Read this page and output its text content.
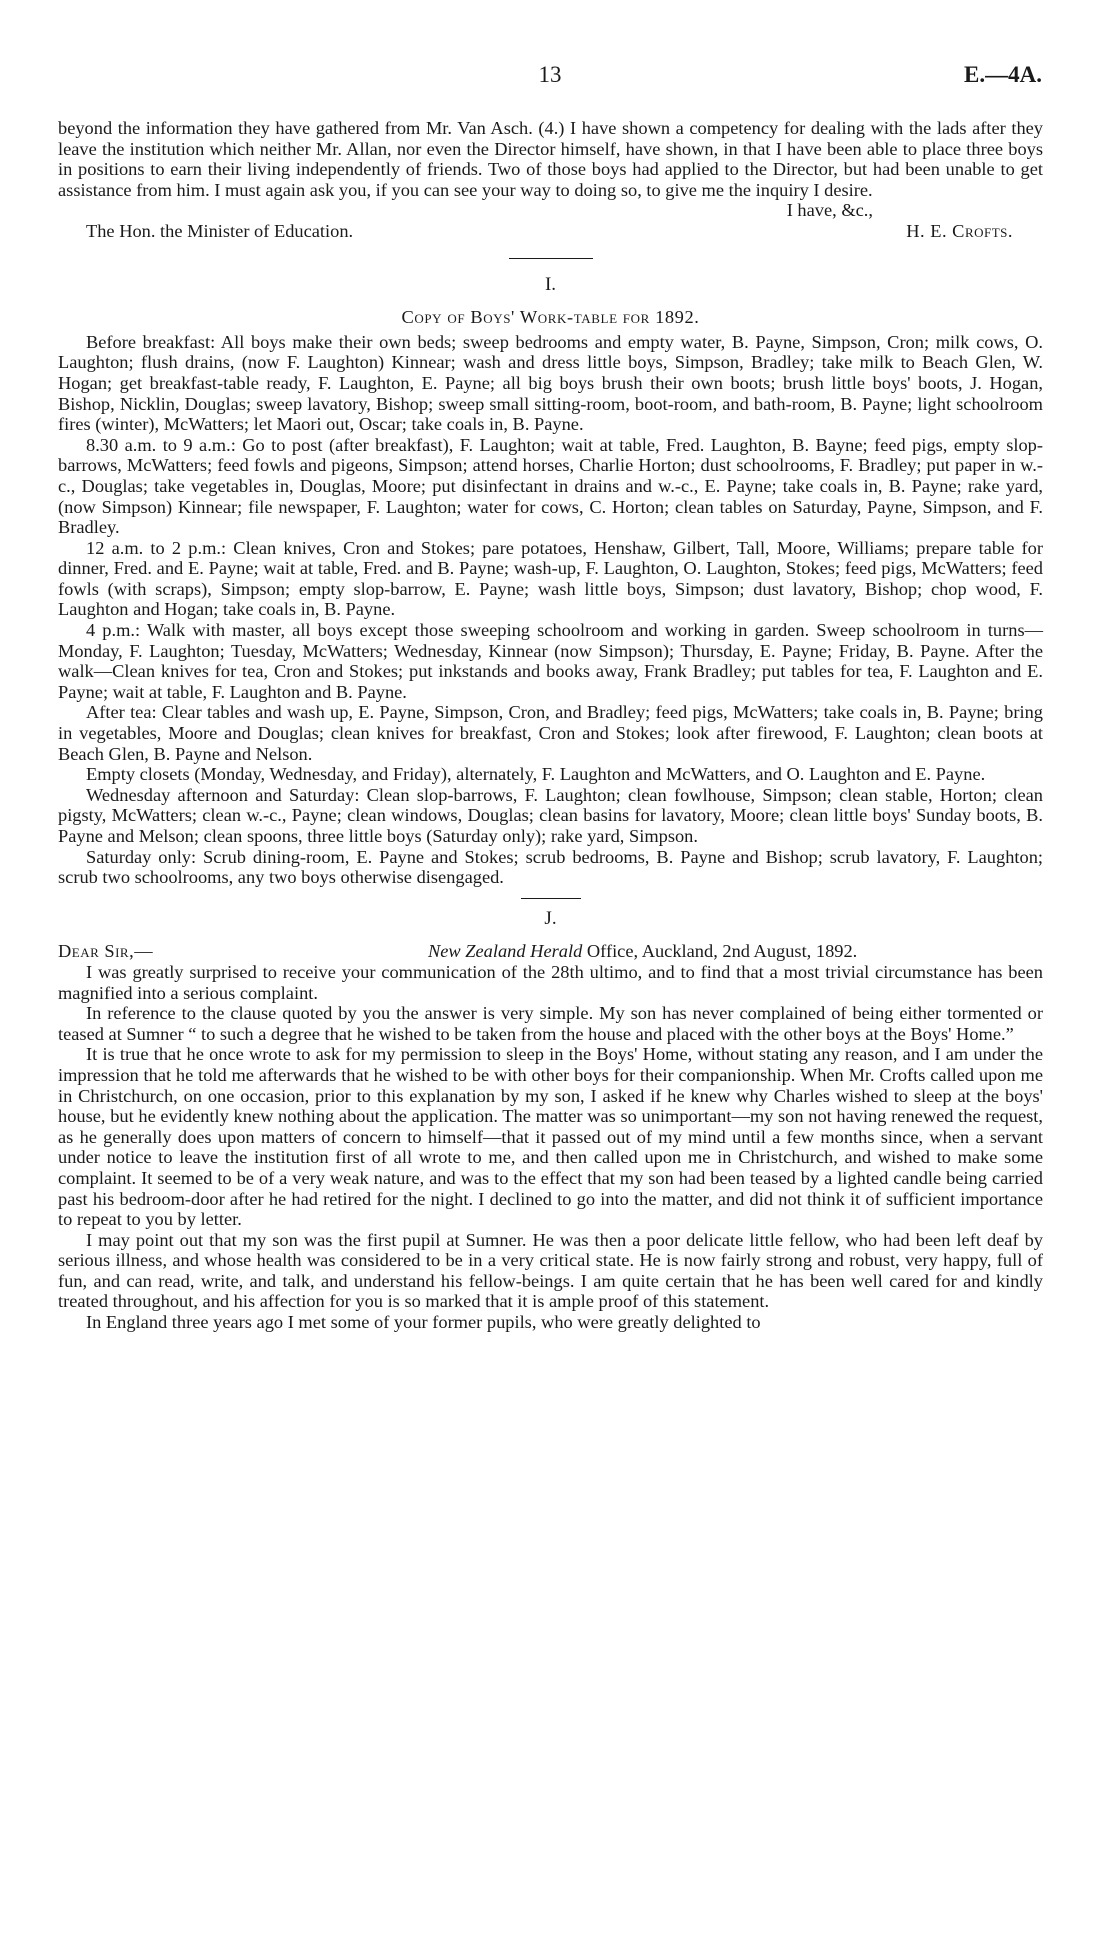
13	E.—4A.

beyond the information they have gathered from Mr. Van Asch. (4.) I have shown a competency for dealing with the lads after they leave the institution which neither Mr. Allan, nor even the Director himself, have shown, in that I have been able to place three boys in positions to earn their living independently of friends. Two of those boys had applied to the Director, but had been unable to get assistance from him. I must again ask you, if you can see your way to doing so, to give me the inquiry I desire.

I have, &c.,

The Hon. the Minister of Education.	H. E. Crofts.
I.
Copy of Boys' Work-table for 1892.

Before breakfast: All boys make their own beds; sweep bedrooms and empty water, B. Payne, Simpson, Cron; milk cows, O. Laughton; flush drains, (now F. Laughton) Kinnear; wash and dress little boys, Simpson, Bradley; take milk to Beach Glen, W. Hogan; get breakfast-table ready, F. Laughton, E. Payne; all big boys brush their own boots; brush little boys' boots, J. Hogan, Bishop, Nicklin, Douglas; sweep lavatory, Bishop; sweep small sitting-room, boot-room, and bath-room, B. Payne; light schoolroom fires (winter), McWatters; let Maori out, Oscar; take coals in, B. Payne.

8.30 a.m. to 9 a.m.: Go to post (after breakfast), F. Laughton; wait at table, Fred. Laughton, B. Bayne; feed pigs, empty slop-barrows, McWatters; feed fowls and pigeons, Simpson; attend horses, Charlie Horton; dust schoolrooms, F. Bradley; put paper in w.-c., Douglas; take vegetables in, Douglas, Moore; put disinfectant in drains and w.-c., E. Payne; take coals in, B. Payne; rake yard, (now Simpson) Kinnear; file newspaper, F. Laughton; water for cows, C. Horton; clean tables on Saturday, Payne, Simpson, and F. Bradley.

12 a.m. to 2 p.m.: Clean knives, Cron and Stokes; pare potatoes, Henshaw, Gilbert, Tall, Moore, Williams; prepare table for dinner, Fred. and E. Payne; wait at table, Fred. and B. Payne; wash-up, F. Laughton, O. Laughton, Stokes; feed pigs, McWatters; feed fowls (with scraps), Simpson; empty slop-barrow, E. Payne; wash little boys, Simpson; dust lavatory, Bishop; chop wood, F. Laughton and Hogan; take coals in, B. Payne.

4 p.m.: Walk with master, all boys except those sweeping schoolroom and working in garden. Sweep schoolroom in turns—Monday, F. Laughton; Tuesday, McWatters; Wednesday, Kinnear (now Simpson); Thursday, E. Payne; Friday, B. Payne. After the walk—Clean knives for tea, Cron and Stokes; put inkstands and books away, Frank Bradley; put tables for tea, F. Laughton and E. Payne; wait at table, F. Laughton and B. Payne.

After tea: Clear tables and wash up, E. Payne, Simpson, Cron, and Bradley; feed pigs, McWatters; take coals in, B. Payne; bring in vegetables, Moore and Douglas; clean knives for breakfast, Cron and Stokes; look after firewood, F. Laughton; clean boots at Beach Glen, B. Payne and Nelson.

Empty closets (Monday, Wednesday, and Friday), alternately, F. Laughton and McWatters, and O. Laughton and E. Payne.

Wednesday afternoon and Saturday: Clean slop-barrows, F. Laughton; clean fowlhouse, Simpson; clean stable, Horton; clean pigsty, McWatters; clean w.-c., Payne; clean windows, Douglas; clean basins for lavatory, Moore; clean little boys' Sunday boots, B. Payne and Melson; clean spoons, three little boys (Saturday only); rake yard, Simpson.

Saturday only: Scrub dining-room, E. Payne and Stokes; scrub bedrooms, B. Payne and Bishop; scrub lavatory, F. Laughton; scrub two schoolrooms, any two boys otherwise disengaged.

J.
Dear Sir,—	New Zealand Herald Office, Auckland, 2nd August, 1892.

I was greatly surprised to receive your communication of the 28th ultimo, and to find that a most trivial circumstance has been magnified into a serious complaint.

In reference to the clause quoted by you the answer is very simple. My son has never complained of being either tormented or teased at Sumner “ to such a degree that he wished to be taken from the house and placed with the other boys at the Boys' Home.”

It is true that he once wrote to ask for my permission to sleep in the Boys' Home, without stating any reason, and I am under the impression that he told me afterwards that he wished to be with other boys for their companionship. When Mr. Crofts called upon me in Christchurch, on one occasion, prior to this explanation by my son, I asked if he knew why Charles wished to sleep at the boys' house, but he evidently knew nothing about the application. The matter was so unimportant—my son not having renewed the request, as he generally does upon matters of concern to himself—that it passed out of my mind until a few months since, when a servant under notice to leave the institution first of all wrote to me, and then called upon me in Christchurch, and wished to make some complaint. It seemed to be of a very weak nature, and was to the effect that my son had been teased by a lighted candle being carried past his bedroom-door after he had retired for the night. I declined to go into the matter, and did not think it of sufficient importance to repeat to you by letter.

I may point out that my son was the first pupil at Sumner. He was then a poor delicate little fellow, who had been left deaf by serious illness, and whose health was considered to be in a very critical state. He is now fairly strong and robust, very happy, full of fun, and can read, write, and talk, and understand his fellow-beings. I am quite certain that he has been well cared for and kindly treated throughout, and his affection for you is so marked that it is ample proof of this statement.

In England three years ago I met some of your former pupils, who were greatly delighted to
